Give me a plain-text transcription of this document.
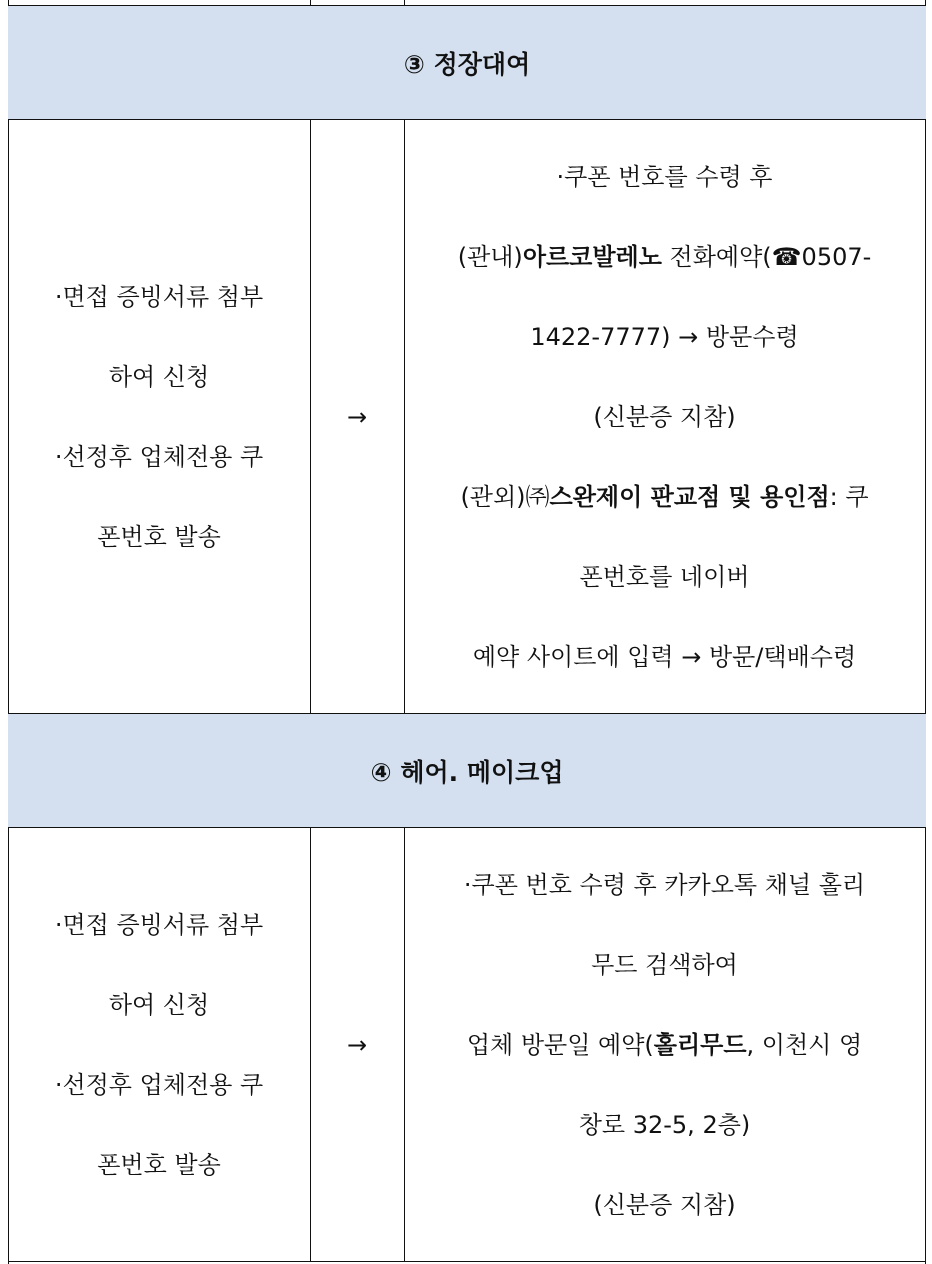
③ 정장대여
·면접 증빙서류 첨부
하여 신청
·선정후 업체전용 쿠
폰번호 발송
→
·쿠폰 번호를 수령 후
(관내)아르코발레노 전화예약(☎0507-
1422-7777) → 방문수령
(신분증 지참)
(관외)㈜스완제이 판교점 및 용인점: 쿠
폰번호를 네이버
예약 사이트에 입력 → 방문/택배수령
④ 헤어. 메이크업
·면접 증빙서류 첨부
하여 신청
·선정후 업체전용 쿠
폰번호 발송
→
·쿠폰 번호 수령 후 카카오톡 채널 홀리
무드 검색하여
업체 방문일 예약(홀리무드, 이천시 영
창로 32-5, 2층)
(신분증 지참)
